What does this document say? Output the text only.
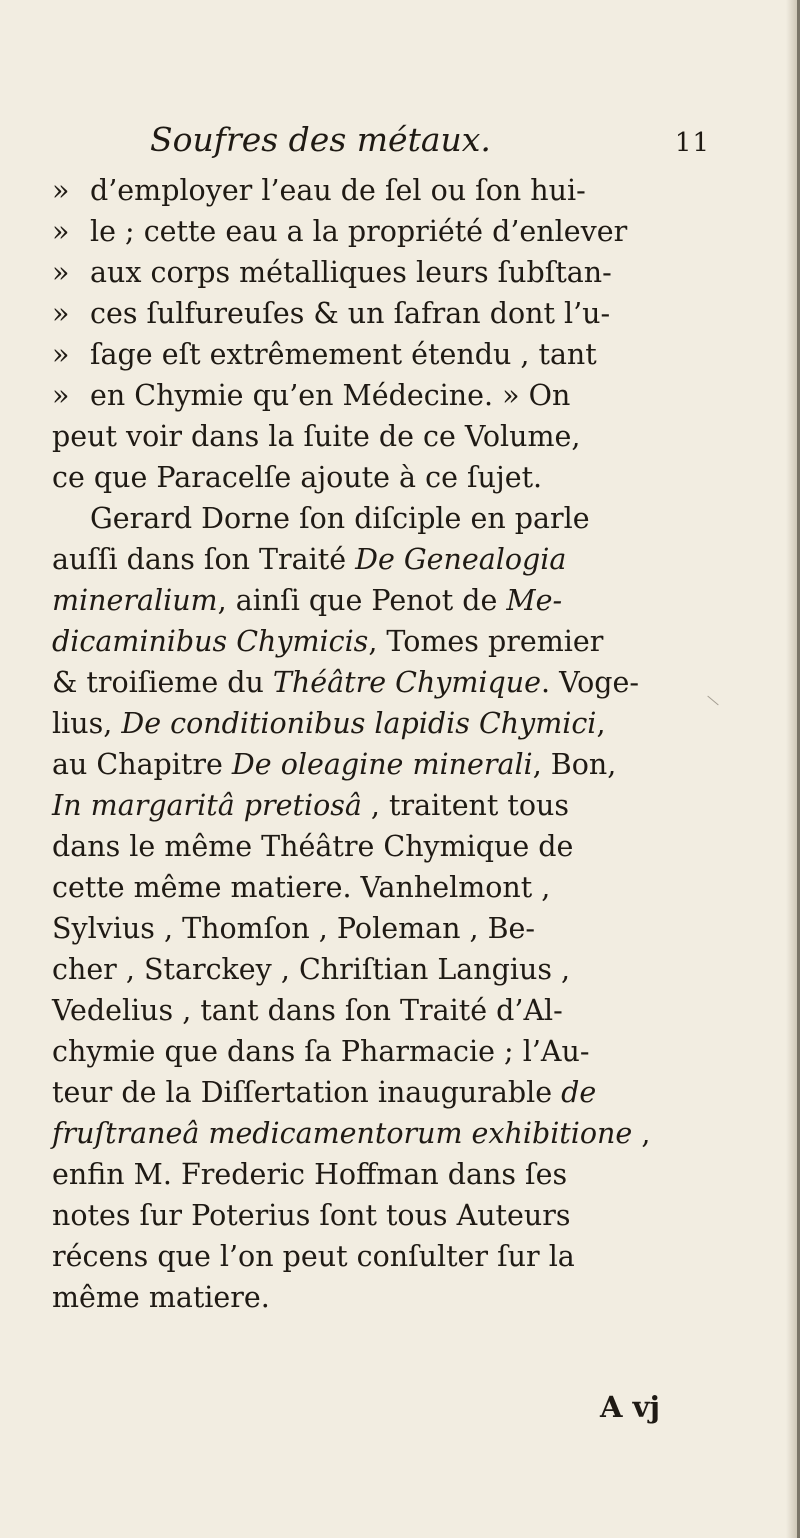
Soufres des métaux.	11
» d’employer l’eau de ſel ou ſon hui-
» le ; cette eau a la propriété d’enlever
» aux corps métalliques leurs ſubſtan-
» ces ſulfureuſes & un ſafran dont l’u-
» ſage eſt extrêmement étendu , tant
» en Chymie qu’en Médecine. » On
peut voir dans la ſuite de ce Volume,
ce que Paracelſe ajoute à ce ſujet.
Gerard Dorne ſon diſciple en parle
auſſi dans ſon Traité De Genealogia
mineralium, ainſi que Penot de Me-
dicaminibus Chymicis, Tomes premier
& troiſieme du Théâtre Chymique. Voge-
lius, De conditionibus lapidis Chymici,
au Chapitre De oleagine minerali, Bon,
In margaritâ pretiosâ , traitent tous
dans le même Théâtre Chymique de
cette même matiere. Vanhelmont ,
Sylvius , Thomſon , Poleman , Be-
cher , Starckey , Chriſtian Langius ,
Vedelius , tant dans ſon Traité d’Al-
chymie que dans ſa Pharmacie ; l’Au-
teur de la Diſſertation inaugurable de
fruſtraneâ medicamentorum exhibitione ,
enfin M. Frederic Hoffman dans ſes
notes ſur Poterius ſont tous Auteurs
récens que l’on peut conſulter ſur la
même matiere.
A vj
